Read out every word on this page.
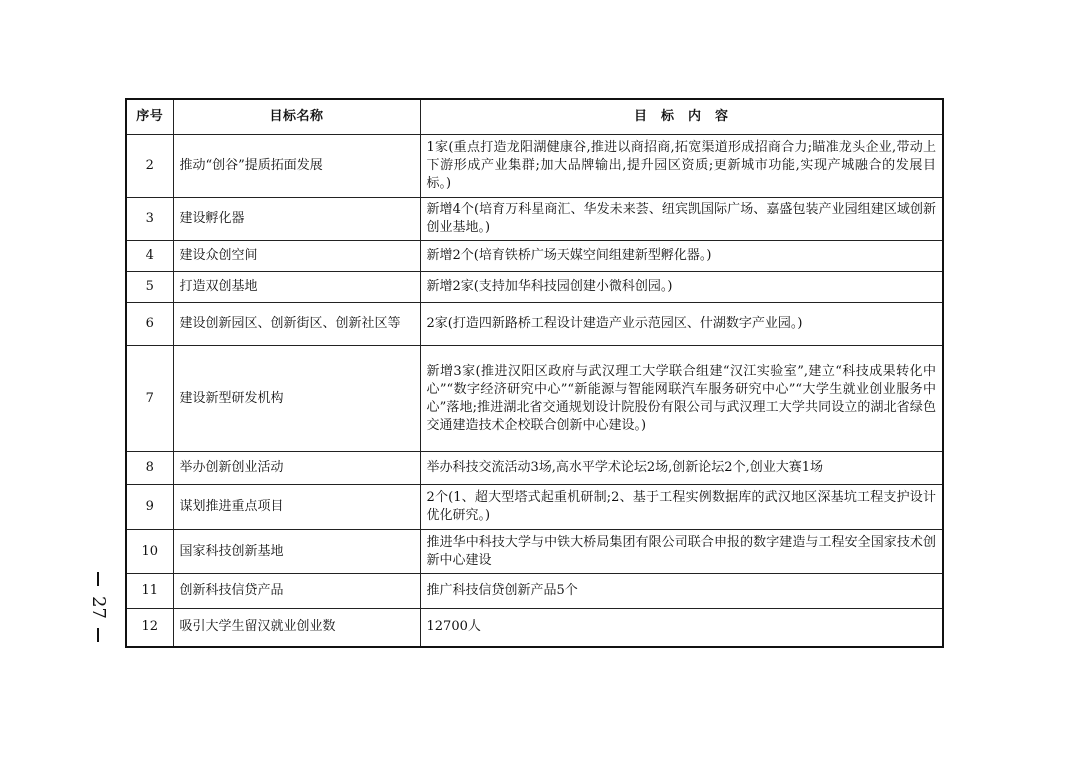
序号	目标名称	目　标　内　容
2	推动“创谷”提质拓面发展	1家(重点打造龙阳湖健康谷,推进以商招商,拓宽渠道形成招商合力;瞄准龙头企业,带动上下游形成产业集群;加大品牌输出,提升园区资质;更新城市功能,实现产城融合的发展目标。)
3	建设孵化器	新增4个(培育万科星商汇、华发未来荟、纽宾凯国际广场、嘉盛包装产业园组建区域创新创业基地。)
4	建设众创空间	新增2个(培育铁桥广场天媒空间组建新型孵化器。)
5	打造双创基地	新增2家(支持加华科技园创建小微科创园。)
6	建设创新园区、创新街区、创新社区等	2家(打造四新路桥工程设计建造产业示范园区、什湖数字产业园。)
7	建设新型研发机构	新增3家(推进汉阳区政府与武汉理工大学联合组建“汉江实验室”,建立“科技成果转化中心”“数字经济研究中心”“新能源与智能网联汽车服务研究中心”“大学生就业创业服务中心”落地;推进湖北省交通规划设计院股份有限公司与武汉理工大学共同设立的湖北省绿色交通建造技术企校联合创新中心建设。)
8	举办创新创业活动	举办科技交流活动3场,高水平学术论坛2场,创新论坛2个,创业大赛1场
9	谋划推进重点项目	2个(1、超大型塔式起重机研制;2、基于工程实例数据库的武汉地区深基坑工程支护设计优化研究。)
10	国家科技创新基地	推进华中科技大学与中铁大桥局集团有限公司联合申报的数字建造与工程安全国家技术创新中心建设
11	创新科技信贷产品	推广科技信贷创新产品5个
12	吸引大学生留汉就业创业数	12700人
27
